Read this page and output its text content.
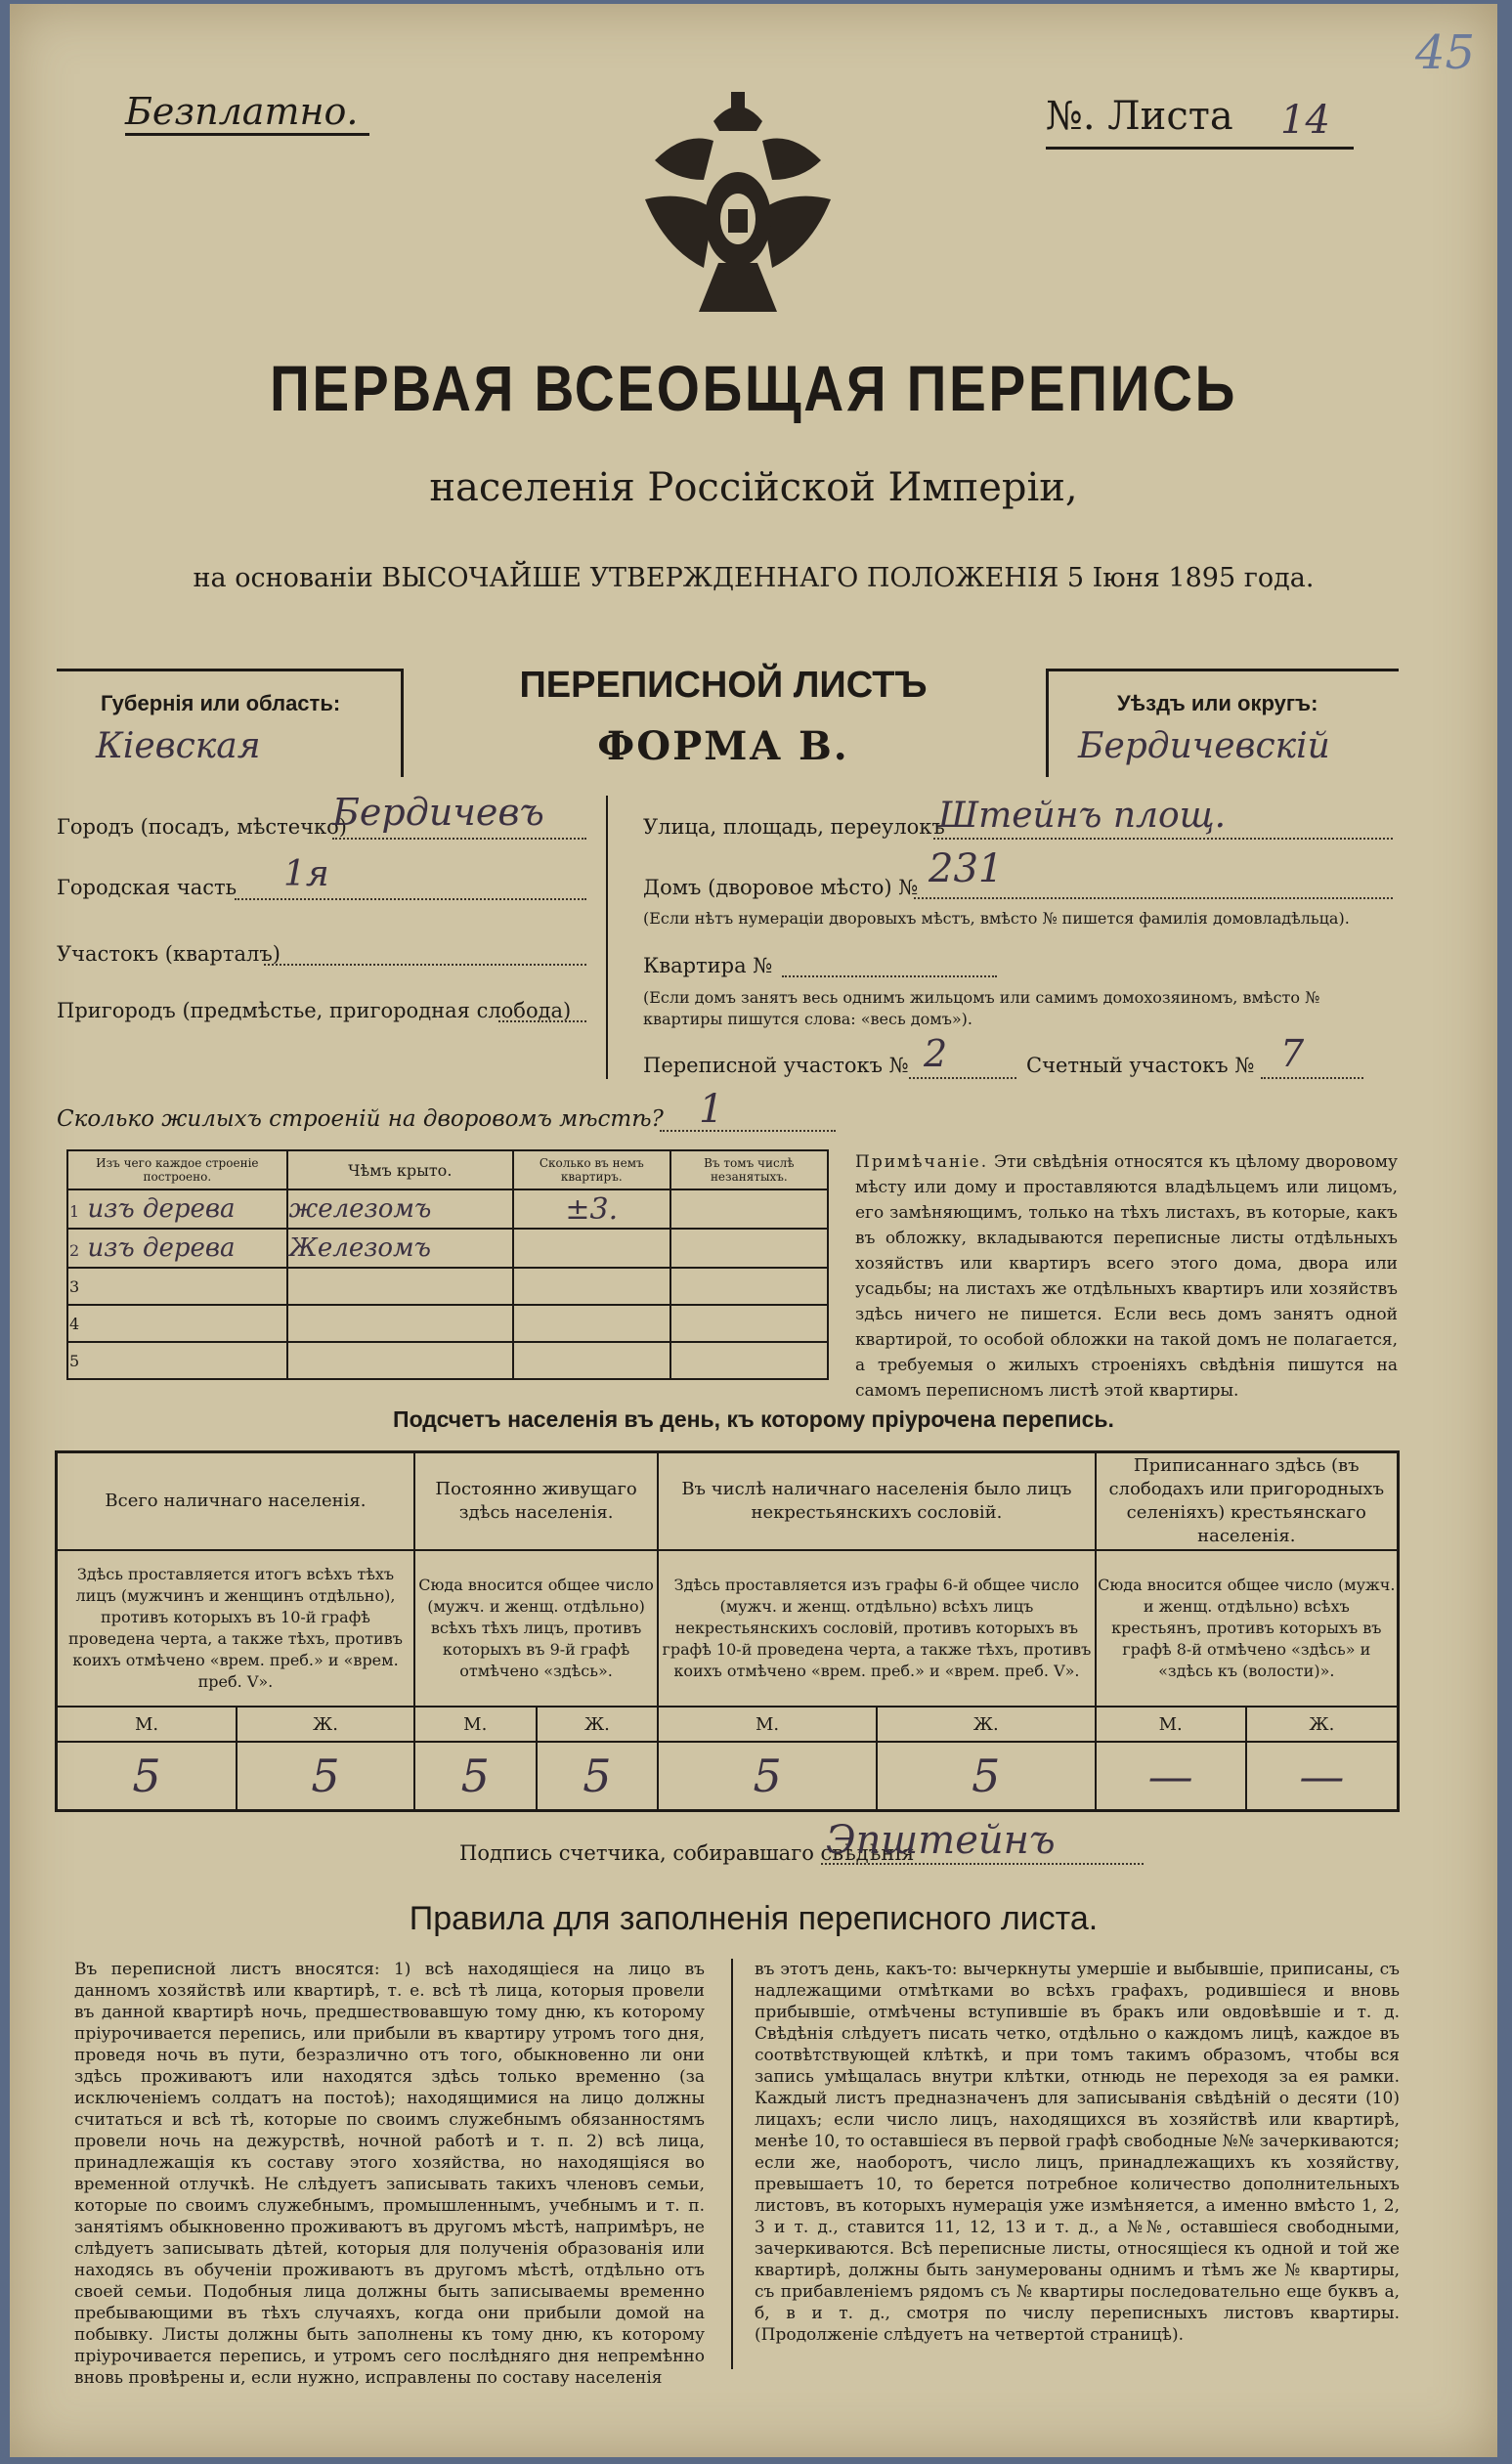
Безплатно.	№. Листа 14
45
ПЕРВАЯ ВСЕОБЩАЯ ПЕРЕПИСЬ
населенія Россійской Имперіи,
на основаніи ВЫСОЧАЙШЕ УТВЕРЖДЕННАГО ПОЛОЖЕНІЯ 5 Іюня 1895 года.
Губернія или область:
Кіевская
ПЕРЕПИСНОЙ ЛИСТЪ
ФОРМА В.
Уѣздъ или округъ:
Бердичевскій
Городъ (посадъ, мѣстечко)
Бердичевъ
Городская часть 1я
Участокъ (кварталъ)
Пригородъ (предмѣстье, пригородная слобода)
Улица, площадь, переулокъ
Штейнъ площ.
Домъ (дворовое мѣсто) № 231
(Если нѣтъ нумераціи дворовыхъ мѣстъ, вмѣсто № пишется фамилія домовладѣльца).
Квартира №
(Если домъ занятъ весь однимъ жильцомъ или самимъ домохозяиномъ, вмѣсто № квартиры пишутся слова: «весь домъ»).
Переписной участокъ № 2	Счетный участокъ № 7
Сколько жилыхъ строеній на дворовомъ мѣстѣ? 1
Изъ чего каждое строеніе построено.	Чѣмъ крыто.	Сколько въ немъ квартиръ.	Въ томъ числѣ незанятыхъ.
1 изъ дерева	железомъ	±3.	
2 изъ дерева	Железомъ		
3			
4			
5			
Примѣчаніе. Эти свѣдѣнія относятся къ цѣлому дворовому мѣсту или дому и проставляются владѣльцемъ или лицомъ, его замѣняющимъ, только на тѣхъ листахъ, въ которые, какъ въ обложку, вкладываются переписные листы отдѣльныхъ хозяйствъ или квартиръ всего этого дома, двора или усадьбы; на листахъ же отдѣльныхъ квартиръ или хозяйствъ здѣсь ничего не пишется. Если весь домъ занятъ одной квартирой, то особой обложки на такой домъ не полагается, а требуемыя о жилыхъ строеніяхъ свѣдѣнія пишутся на самомъ переписномъ листѣ этой квартиры.
Подсчетъ населенія въ день, къ которому пріурочена перепись.
Всего наличнаго населенія.		Постоянно живущаго здѣсь населенія.		Въ числѣ наличнаго населенія было лицъ некрестьянскихъ сословій.		Приписаннаго здѣсь (въ слободахъ или пригородныхъ селеніяхъ) крестьянскаго населенія.	
Здѣсь проставляется итогъ всѣхъ тѣхъ лицъ (мужчинъ и женщинъ отдѣльно), противъ которыхъ въ 10-й графѣ проведена черта, а также тѣхъ, противъ коихъ отмѣчено «врем. преб.» и «врем. преб. V».		Сюда вносится общее число (мужч. и женщ. отдѣльно) всѣхъ тѣхъ лицъ, противъ которыхъ въ 9-й графѣ отмѣчено «здѣсь».		Здѣсь проставляется изъ графы 6-й общее число (мужч. и женщ. отдѣльно) всѣхъ лицъ некрестьянскихъ сословій, противъ которыхъ въ графѣ 10-й проведена черта, а также тѣхъ, противъ коихъ отмѣчено «врем. преб.» и «врем. преб. V».		Сюда вносится общее число (мужч. и женщ. отдѣльно) всѣхъ крестьянъ, противъ которыхъ въ графѣ 8-й отмѣчено «здѣсь» и «здѣсь къ (волости)».	
М.	Ж.	М.	Ж.	М.	Ж.	М.	Ж.
5	5	5	5	5	5	—	—
Подпись счетчика, собиравшаго свѣдѣнія
Эпштейнъ
Правила для заполненія переписного листа.
Въ переписной листъ вносятся: 1) всѣ находящіеся на лицо въ данномъ хозяйствѣ или квартирѣ, т. е. всѣ тѣ лица, которыя провели въ данной квартирѣ ночь, предшествовавшую тому дню, къ которому пріурочивается перепись, или прибыли въ квартиру утромъ того дня, проведя ночь въ пути, безразлично отъ того, обыкновенно ли они здѣсь проживаютъ или находятся здѣсь только временно (за исключеніемъ солдатъ на постоѣ); находящимися на лицо должны считаться и всѣ тѣ, которые по своимъ служебнымъ обязанностямъ провели ночь на дежурствѣ, ночной работѣ и т. п. 2) всѣ лица, принадлежащія къ составу этого хозяйства, но находящіяся во временной отлучкѣ. Не слѣдуетъ записывать такихъ членовъ семьи, которые по своимъ служебнымъ, промышленнымъ, учебнымъ и т. п. занятіямъ обыкновенно проживаютъ въ другомъ мѣстѣ, напримѣръ, не слѣдуетъ записывать дѣтей, которыя для полученія образованія или находясь въ обученіи проживаютъ въ другомъ мѣстѣ, отдѣльно отъ своей семьи. Подобныя лица должны быть записываемы временно пребывающими въ тѣхъ случаяхъ, когда они прибыли домой на побывку. Листы должны быть заполнены къ тому дню, къ которому пріурочивается перепись, и утромъ сего послѣдняго дня непремѣнно вновь провѣрены и, если нужно, исправлены по составу населенія
въ этотъ день, какъ-то: вычеркнуты умершіе и выбывшіе, приписаны, съ надлежащими отмѣтками во всѣхъ графахъ, родившіеся и вновь прибывшіе, отмѣчены вступившіе въ бракъ или овдовѣвшіе и т. д. Свѣдѣнія слѣдуетъ писать четко, отдѣльно о каждомъ лицѣ, каждое въ соотвѣтствующей клѣткѣ, и при томъ такимъ образомъ, чтобы вся запись умѣщалась внутри клѣтки, отнюдь не переходя за ея рамки. Каждый листъ предназначенъ для записыванія свѣдѣній о десяти (10) лицахъ; если число лицъ, находящихся въ хозяйствѣ или квартирѣ, менѣе 10, то оставшіеся въ первой графѣ свободные №№ зачеркиваются; если же, наоборотъ, число лицъ, принадлежащихъ къ хозяйству, превышаетъ 10, то берется потребное количество дополнительныхъ листовъ, въ которыхъ нумерація уже измѣняется, а именно вмѣсто 1, 2, 3 и т. д., ставится 11, 12, 13 и т. д., а №№, оставшіеся свободными, зачеркиваются. Всѣ переписные листы, относящіеся къ одной и той же квартирѣ, должны быть занумерованы однимъ и тѣмъ же № квартиры, съ прибавленіемъ рядомъ съ № квартиры последовательно еще буквъ а, б, в и т. д., смотря по числу переписныхъ листовъ квартиры. (Продолженіе слѣдуетъ на четвертой страницѣ).
